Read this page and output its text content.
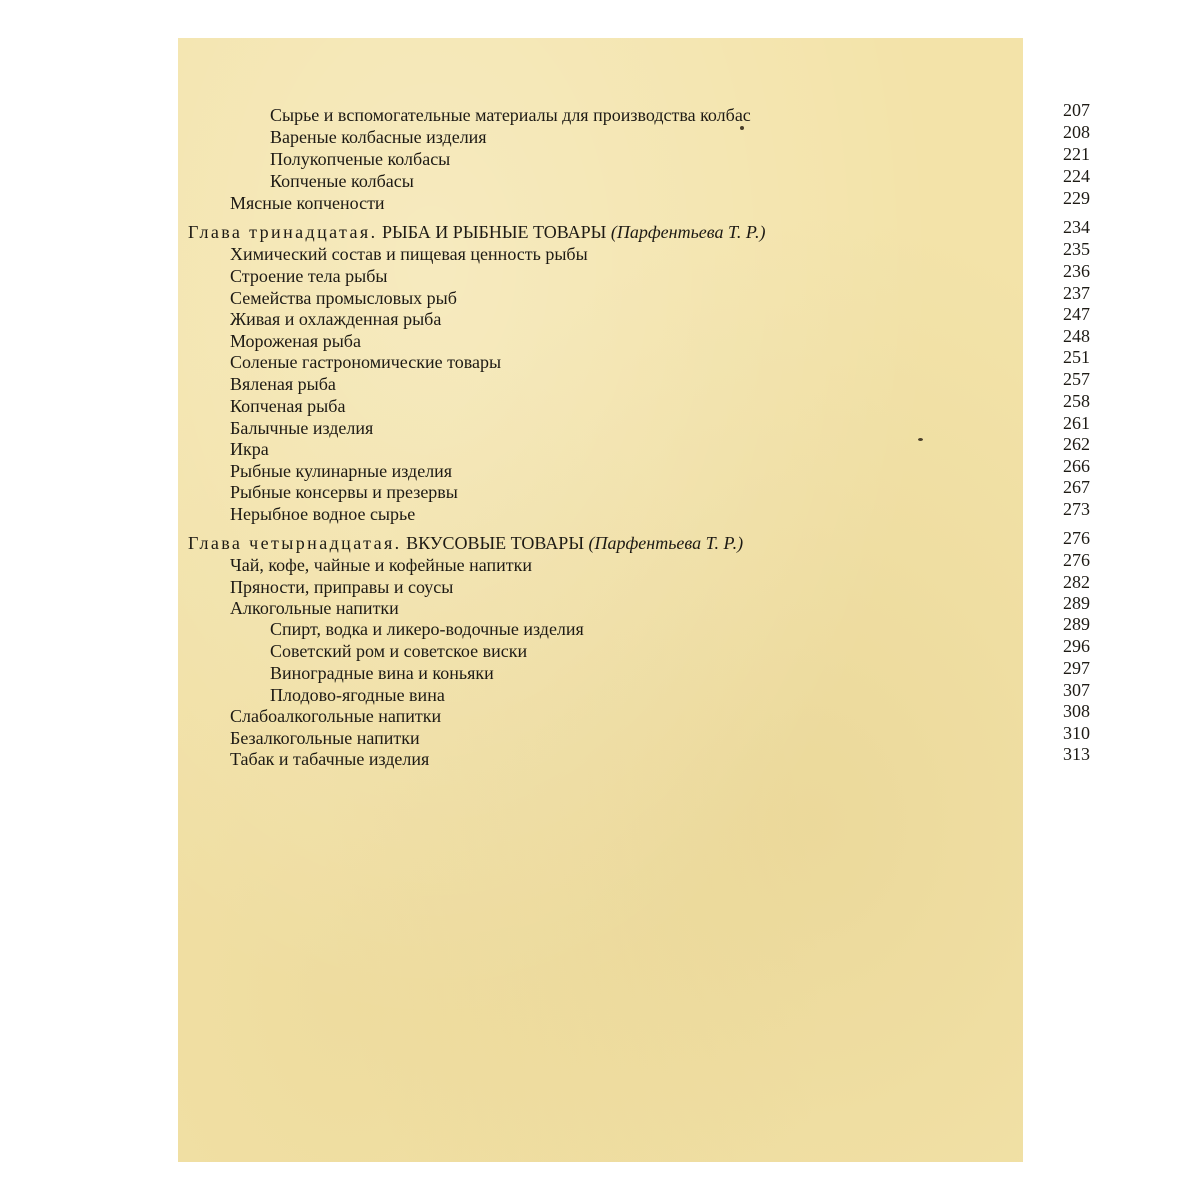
Сырье и вспомогательные материалы для производства колбас	207
Вареные колбасные изделия	208
Полукопченые колбасы	221
Копченые колбасы	224
Мясные копчености	229
Глава тринадцатая. РЫБА И РЫБНЫЕ ТОВАРЫ (Парфентьева Т. Р.)	234
Химический состав и пищевая ценность рыбы	235
Строение тела рыбы	236
Семейства промысловых рыб	237
Живая и охлажденная рыба	247
Мороженая рыба	248
Соленые гастрономические товары	251
Вяленая рыба	257
Копченая рыба	258
Балычные изделия	261
Икра	262
Рыбные кулинарные изделия	266
Рыбные консервы и презервы	267
Нерыбное водное сырье	273
Глава четырнадцатая. ВКУСОВЫЕ ТОВАРЫ (Парфентьева Т. Р.)	276
Чай, кофе, чайные и кофейные напитки	276
Пряности, приправы и соусы	282
Алкогольные напитки	289
Спирт, водка и ликеро-водочные изделия	289
Советский ром и советское виски	296
Виноградные вина и коньяки	297
Плодово-ягодные вина	307
Слабоалкогольные напитки	308
Безалкогольные напитки	310
Табак и табачные изделия	313
